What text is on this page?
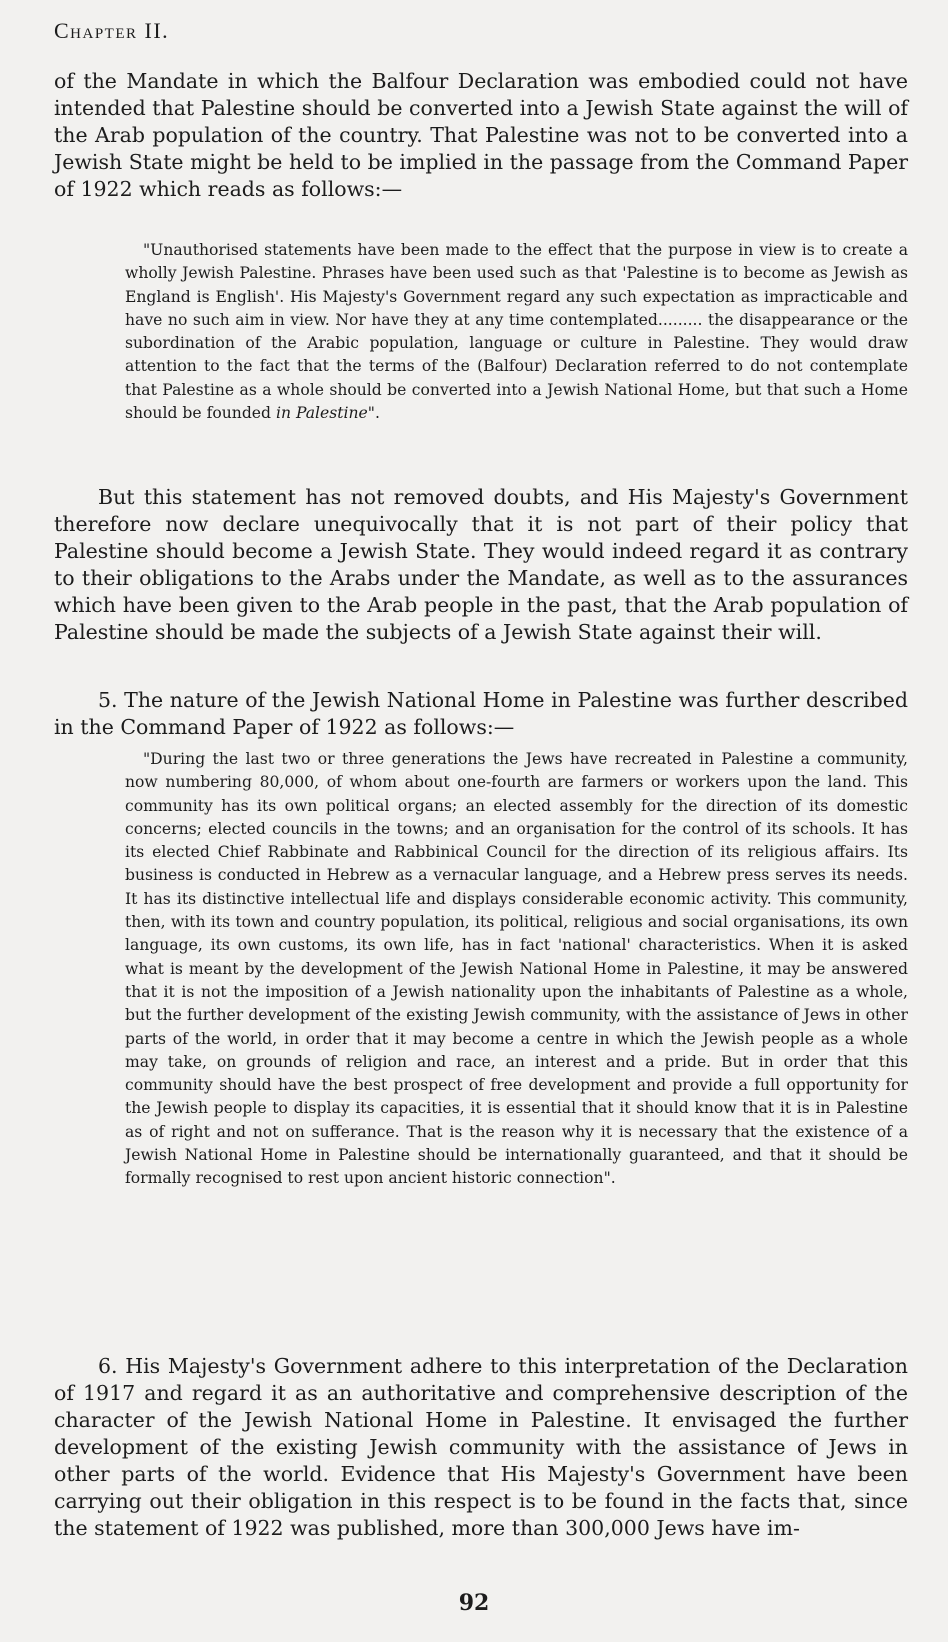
Chapter II.

of the Mandate in which the Balfour Declaration was embodied could not have intended that Palestine should be converted into a Jewish State against the will of the Arab population of the country. That Palestine was not to be converted into a Jewish State might be held to be implied in the passage from the Command Paper of 1922 which reads as follows:—

"Unauthorised statements have been made to the effect that the purpose in view is to create a wholly Jewish Palestine. Phrases have been used such as that 'Palestine is to become as Jewish as England is English'. His Majesty's Government regard any such expectation as impracticable and have no such aim in view. Nor have they at any time contemplated......... the disappearance or the subordination of the Arabic population, language or culture in Palestine. They would draw attention to the fact that the terms of the (Balfour) Declaration referred to do not contemplate that Palestine as a whole should be converted into a Jewish National Home, but that such a Home should be founded in Palestine".

But this statement has not removed doubts, and His Majesty's Government therefore now declare unequivocally that it is not part of their policy that Palestine should become a Jewish State. They would indeed regard it as contrary to their obligations to the Arabs under the Mandate, as well as to the assurances which have been given to the Arab people in the past, that the Arab population of Palestine should be made the subjects of a Jewish State against their will.

5. The nature of the Jewish National Home in Palestine was further described in the Command Paper of 1922 as follows:—

"During the last two or three generations the Jews have recreated in Palestine a community, now numbering 80,000, of whom about one-fourth are farmers or workers upon the land. This community has its own political organs; an elected assembly for the direction of its domestic concerns; elected councils in the towns; and an organisation for the control of its schools. It has its elected Chief Rabbinate and Rabbinical Council for the direction of its religious affairs. Its business is conducted in Hebrew as a vernacular language, and a Hebrew press serves its needs. It has its distinctive intellectual life and displays considerable economic activity. This community, then, with its town and country population, its political, religious and social organisations, its own language, its own customs, its own life, has in fact 'national' characteristics. When it is asked what is meant by the development of the Jewish National Home in Palestine, it may be answered that it is not the imposition of a Jewish nationality upon the inhabitants of Palestine as a whole, but the further development of the existing Jewish community, with the assistance of Jews in other parts of the world, in order that it may become a centre in which the Jewish people as a whole may take, on grounds of religion and race, an interest and a pride. But in order that this community should have the best prospect of free development and provide a full opportunity for the Jewish people to display its capacities, it is essential that it should know that it is in Palestine as of right and not on sufferance. That is the reason why it is necessary that the existence of a Jewish National Home in Palestine should be internationally guaranteed, and that it should be formally recognised to rest upon ancient historic connection".

6. His Majesty's Government adhere to this interpretation of the Declaration of 1917 and regard it as an authoritative and comprehensive description of the character of the Jewish National Home in Palestine. It envisaged the further development of the existing Jewish community with the assistance of Jews in other parts of the world. Evidence that His Majesty's Government have been carrying out their obligation in this respect is to be found in the facts that, since the statement of 1922 was published, more than 300,000 Jews have im-

92
